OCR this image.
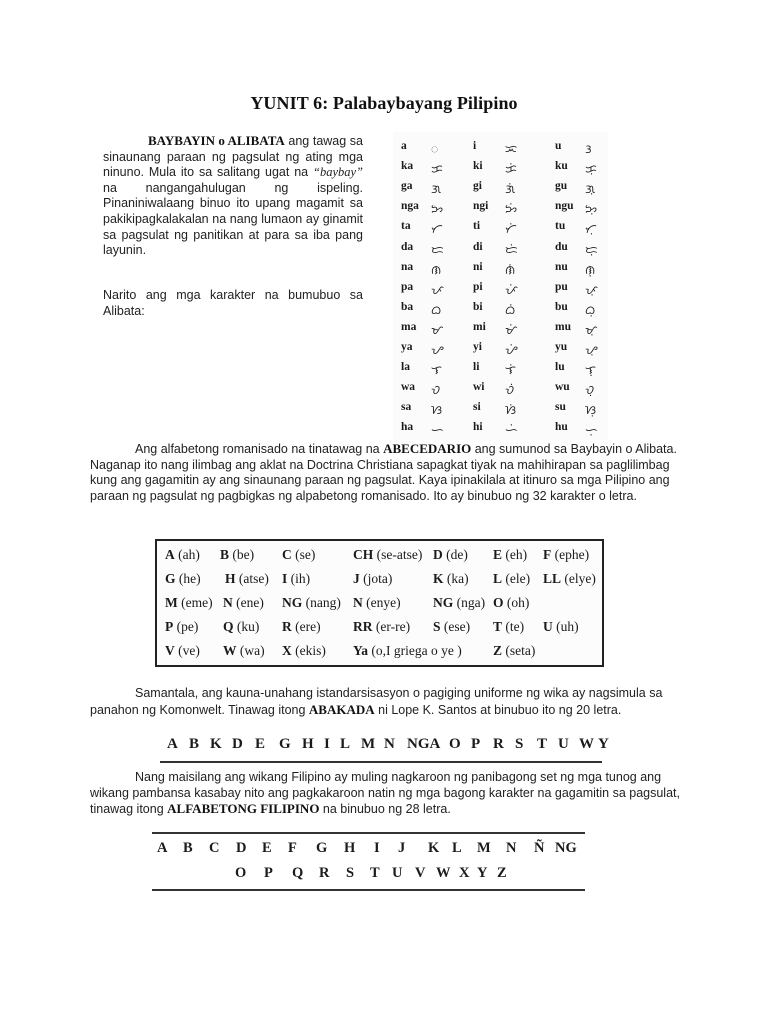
YUNIT 6: Palabaybayang Pilipino
BAYBAYIN o ALIBATA ang tawag sa sinaunang paraan ng pagsulat ng ating mga ninuno. Mula ito sa salitang ugat na “baybay” na nangangahulugan ng ispeling. Pinaniniwalaang binuo ito upang magamit sa pakikipagkalakalan na nang lumaon ay ginamit sa pagsulat ng panitikan at para sa iba pang layunin.
Narito ang mga karakter na bumubuo sa Alibata:
a ᜀ	i ᜁ	u ᜂ
ka ᜃ	ki ᜃᜒ	ku ᜃᜓ
ga ᜄ	gi ᜄᜒ	gu ᜄᜓ
nga ᜅ	ngi ᜅᜒ	ngu ᜅᜓ
ta ᜆ	ti ᜆᜒ	tu ᜆᜓ
da ᜇ	di ᜇᜒ	du ᜇᜓ
na ᜈ	ni ᜈᜒ	nu ᜈᜓ
pa ᜉ	pi ᜉᜒ	pu ᜉᜓ
ba ᜊ	bi ᜊᜒ	bu ᜊᜓ
ma ᜋ	mi ᜋᜒ	mu ᜋᜓ
ya ᜌ	yi ᜌᜒ	yu ᜌᜓ
la ᜎ	li ᜎᜒ	lu ᜎᜓ
wa ᜏ	wi ᜏᜒ	wu ᜏᜓ
sa ᜐ	si ᜐᜒ	su ᜐᜓ
ha ᜑ	hi ᜑᜒ	hu ᜑᜓ
Ang alfabetong romanisado na tinatawag na ABECEDARIO ang sumunod sa Baybayin o Alibata. Naganap ito nang ilimbag ang aklat na Doctrina Christiana sapagkat tiyak na mahihirapan sa paglilimbag kung ang gagamitin ay ang sinaunang paraan ng pagsulat. Kaya ipinakilala at itinuro sa mga Pilipino ang paraan ng pagsulat ng pagbigkas ng alpabetong romanisado. Ito ay binubuo ng 32 karakter o letra.
A (ah) B (be) C (se)	CH (se-atse) D (de) E (eh) F (ephe)
G (he) H (atse) I (ih)	J (jota)	K (ka) L (ele) LL (elye)
M (eme) N (ene) NG (nang) N (enye) NG (nga) O (oh)
P (pe) Q (ku) R (ere) RR (er-re) S (ese) T (te) U (uh)
V (ve) W (wa) X (ekis) Ya (o,I griega o ye ) Z (seta)
Samantala, ang kauna-unahang istandarsisasyon o pagiging uniforme ng wika ay nagsimula sa panahon ng Komonwelt. Tinawag itong ABAKADA ni Lope K. Santos at binubuo ito ng 20 letra.
A B K D E G H I L M N NGA O P R S T U W Y
Nang maisilang ang wikang Filipino ay muling nagkaroon ng panibagong set ng mga tunog ang wikang pambansa kasabay nito ang pagkakaroon natin ng mga bagong karakter na gagamitin sa pagsulat, tinawag itong ALFABETONG FILIPINO na binubuo ng 28 letra.
A B C D E F G H I J K L M N Ñ NG
O P Q R S T U V W X Y Z
